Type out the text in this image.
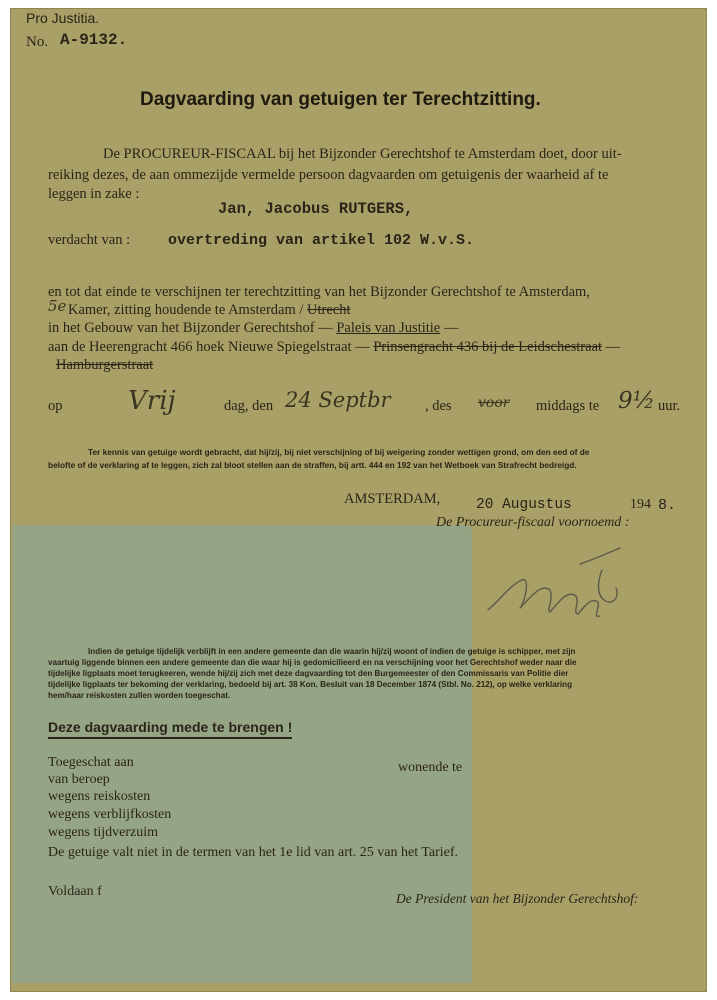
Pro Justitia.
No. A-9132.
Dagvaarding van getuigen ter Terechtzitting.
De PROCUREUR-FISCAAL bij het Bijzonder Gerechtshof te Amsterdam doet, door uit-
reiking dezes, de aan ommezijde vermelde persoon dagvaarden om getuigenis der waarheid af te
leggen in zake :
Jan, Jacobus RUTGERS,
verdacht van :	overtreding van artikel 102 W.v.S.
en tot dat einde te verschijnen ter terechtzitting van het Bijzonder Gerechtshof te Amsterdam,
5e Kamer, zitting houdende te Amsterdam / Utrecht
in het Gebouw van het Bijzonder Gerechtshof — Paleis van Justitie —
aan de Heerengracht 466 hoek Nieuwe Spiegelstraat — Prinsengracht 436 bij de Leidschestraat —
Hamburgerstraat
op	Vrij	dag, den 24 Septbr , des voor middags te 9½ uur.
Ter kennis van getuige wordt gebracht, dat hij/zij, bij niet verschijning of bij weigering zonder wettigen grond, om den eed of de
belofte of de verklaring af te leggen, zich zal bloot stellen aan de straffen, bij artt. 444 en 192 van het Wetboek van Strafrecht bedreigd.
AMSTERDAM, 20 Augustus	194 8.
De Procureur-fiscaal voornoemd :
Indien de getuige tijdelijk verblijft in een andere gemeente dan die waarin hij/zij woont of indien de getuige is schipper, met zijn
vaartuig liggende binnen een andere gemeente dan die waar hij is gedomicilieerd en na verschijning voor het Gerechtshof weder naar die
tijdelijke ligplaats moet terugkeeren, wende hij/zij zich met deze dagvaarding tot den Burgemeester of den Commissaris van Politie dier
tijdelijke ligplaats ter bekoming der verklaring, bedoeld bij art. 38 Kon. Besluit van 18 December 1874 (Stbl. No. 212), op welke verklaring
hem/haar reiskosten zullen worden toegeschat.
Deze dagvaarding mede te brengen !
Toegeschat aan	wonende te
van beroep
wegens reiskosten
wegens verblijfkosten
wegens tijdverzuim
De getuige valt niet in de termen van het 1e lid van art. 25 van het Tarief.
Voldaan f	De President van het Bijzonder Gerechtshof:
